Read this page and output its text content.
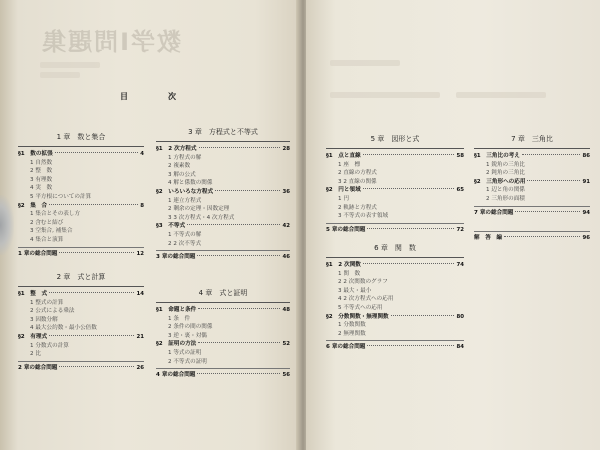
数学Ⅰ問題集
目　次
1 章　数と集合
§1　数の拡張	4
1 自然数
2 整　数
3 有理数
4 実　数
5 平方根についての計算
§2　集　合	8
1 集合とその表し方
2 含むと結び
3 空集合, 補集合
4 集合と演算
1 章の総合問題	12
2 章　式と計算
§1　整　式	14
1 整式の計算
2 公式による乗法
3 因数分解
4 最大公約数・最小公倍数
§2　有理式	21
1 分数式の計算
2 比
2 章の総合問題	26
3 章　方程式と不等式
§1　2 次方程式	28
1 方程式の解
2 複素数
3 解の公式
4 解と係数の関係
§2　いろいろな方程式	36
1 連立方程式
2 剰余の定理・因数定理
3 3 次方程式・4 次方程式
§3　不等式	42
1 不等式の解
2 2 次不等式
3 章の総合問題	46
4 章　式と証明
§1　命題と条件	48
1 条　件
2 条件の間の関係
3 逆・裏・対偶
§2　証明の方法	52
1 等式の証明
2 不等式の証明
4 章の総合問題	56
5 章　図形と式
§1　点と直線	58
1 座　標
2 直線の方程式
3 2 直線の関係
§2　円と領域	65
1 円
2 軌跡と方程式
3 不等式の表す領域
5 章の総合問題	72
6 章　関　数
§1　2 次関数	74
1 関　数
2 2 次関数のグラフ
3 最大・最小
4 2 次方程式への応用
5 不等式への応用
§2　分数関数・無理関数	80
1 分数関数
2 無理関数
6 章の総合問題	84
7 章　三角比
§1　三角比の考え	86
1 鋭角の三角比
2 鈍角の三角比
§2　三角形への応用	91
1 辺と角の関係
2 三角形の面積
7 章の総合問題	94
解　答　編	96
